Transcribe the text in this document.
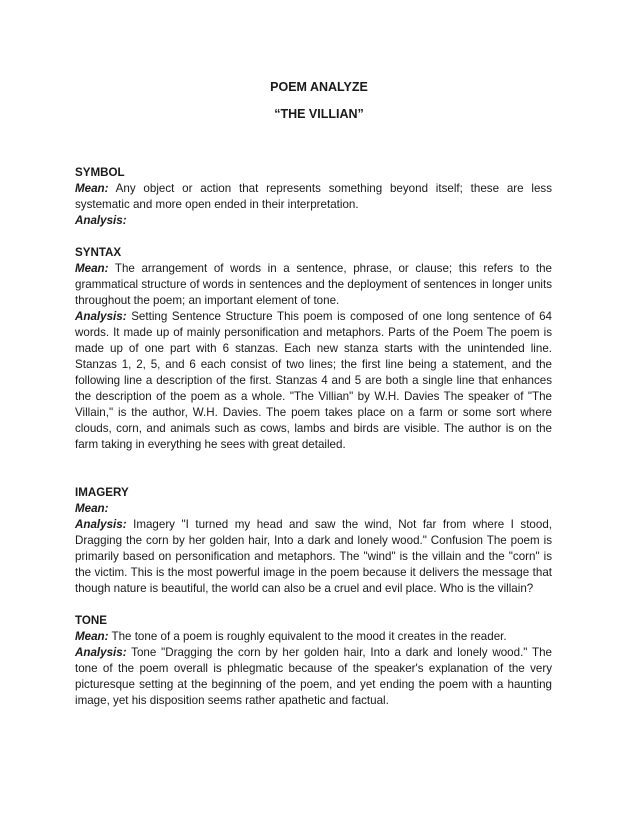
POEM ANALYZE
“THE VILLIAN”
SYMBOL

Mean: Any object or action that represents something beyond itself; these are less systematic and more open ended in their interpretation.

Analysis:

SYNTAX

Mean: The arrangement of words in a sentence, phrase, or clause; this refers to the grammatical structure of words in sentences and the deployment of sentences in longer units throughout the poem; an important element of tone.

Analysis: Setting Sentence Structure This poem is composed of one long sentence of 64 words. It made up of mainly personification and metaphors. Parts of the Poem The poem is made up of one part with 6 stanzas. Each new stanza starts with the unintended line. Stanzas 1, 2, 5, and 6 each consist of two lines; the first line being a statement, and the following line a description of the first. Stanzas 4 and 5 are both a single line that enhances the description of the poem as a whole. "The Villian" by W.H. Davies The speaker of "The Villain," is the author, W.H. Davies. The poem takes place on a farm or some sort where clouds, corn, and animals such as cows, lambs and birds are visible. The author is on the farm taking in everything he sees with great detailed.

IMAGERY

Mean:

Analysis: Imagery "I turned my head and saw the wind, Not far from where I stood, Dragging the corn by her golden hair, Into a dark and lonely wood." Confusion The poem is primarily based on personification and metaphors. The "wind" is the villain and the "corn" is the victim. This is the most powerful image in the poem because it delivers the message that though nature is beautiful, the world can also be a cruel and evil place. Who is the villain?

TONE

Mean: The tone of a poem is roughly equivalent to the mood it creates in the reader.

Analysis: Tone "Dragging the corn by her golden hair, Into a dark and lonely wood." The tone of the poem overall is phlegmatic because of the speaker's explanation of the very picturesque setting at the beginning of the poem, and yet ending the poem with a haunting image, yet his disposition seems rather apathetic and factual.
